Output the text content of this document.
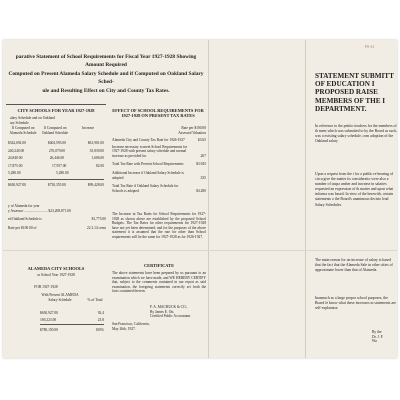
P0-41
parative Statement of School Requirements for Fiscal Year 1927-1928 Showing Amount Required
Computed on Present Alameda Salary Schedule and if Computed on Oakland Salary Sched-
ule and Resulting Effect on City and County Tax Rates.
CITY SCHOOLS FOR YEAR 1927-1928
alary Schedule and on Oakland
ary Schedule
If Computed on Alameda Schedule
If Computed on Oakland Schedule
Increase
$342,692.00	$404,593.00	$61,901.00
240,240.00	276,079.00	35,839.00
24,840.00	26,446.00	1,606.00
17,875.00	17,957.00	82.00
5,280.00	5,280.00
$630,927.00	$730,355.00	$99,428.00
y of Alameda for year
y Assessor .......................... $23,208,871.00
ed Oakland Schedule is	$1,775.00
Rate per $100.00 of	22 2.14 cents
ALAMEDA CITY SCHOOLS
or School Year 1927-1928
FOR 1927-1928
With Present ALAMEDA Salary Schedule	% of Total
$630,927.00	92.4
169,223.00	23.8
$780,150.00	100%
EFFECT OF SCHOOL REQUIREMENTS FOR 1927-1928 ON PRESENT TAX RATES
Rate per $100.00 Assessed Valuation
Alameda City and County Tax Rate for 1926-1927	$3.65
Increase necessary to meet School Requirements for 1927-1928 with present salary schedule and normal increase as provided for	.267
Total Tax Rate with Present School Requirements	$3.945
Additional Increase if Oakland Salary Schedule is adopted	.335
Total Tax Rate if Oakland Salary Schedule for Schools is adopted	$4.280
The Increase in Tax Rates for School Requirements for 1927-1928 as shown above are established by the proposed School Budgets. The Tax Rates for other requirements for 1927-1928 have not yet been determined, and for the purposes of the above statement it is assumed that the rate for other than School requirements will be the same for 1927-1928 as for 1926-1927.
CERTIFICATE
The above statements have been prepared by us pursuant to an examination which we have made, and WE HEREBY CERTIFY that, subject to the comments contained in our report as said examination, the foregoing statements correctly set forth the facts contained therein.
F. A. MACHUCK & CO.,
By James E. Ott,
Certified Public Accountant.
San Francisco, California,
May 26th, 1927.
STATEMENT SUBMITT
OF EDUCATION I
PROPOSED RAISE
MEMBERS OF THE I
DEPARTMENT.
In reference to the petitio teachers for the members of th ment which was submitted to by the Board as such, was a existing salary schedule, com adoption of the Oakland salary
Upon a request from the t for a public re-hearing of circu give the matter its consideratio were also a number of taxpa umber and increase in salaries requested an expression of th matter and upon what informa was based. In view of the herewith, certain statements o the Board's unanimous decisio lead Salary Schedules.
The main reason for un increase of salary is based that the fact that the Alameda Sale in other cities of approximate lower than that of Alameda.
Inasmuch as a large propor school purposes, the Board fe know what these increases m statements are self-explanator
By the
Dr. J. F.
Wa
